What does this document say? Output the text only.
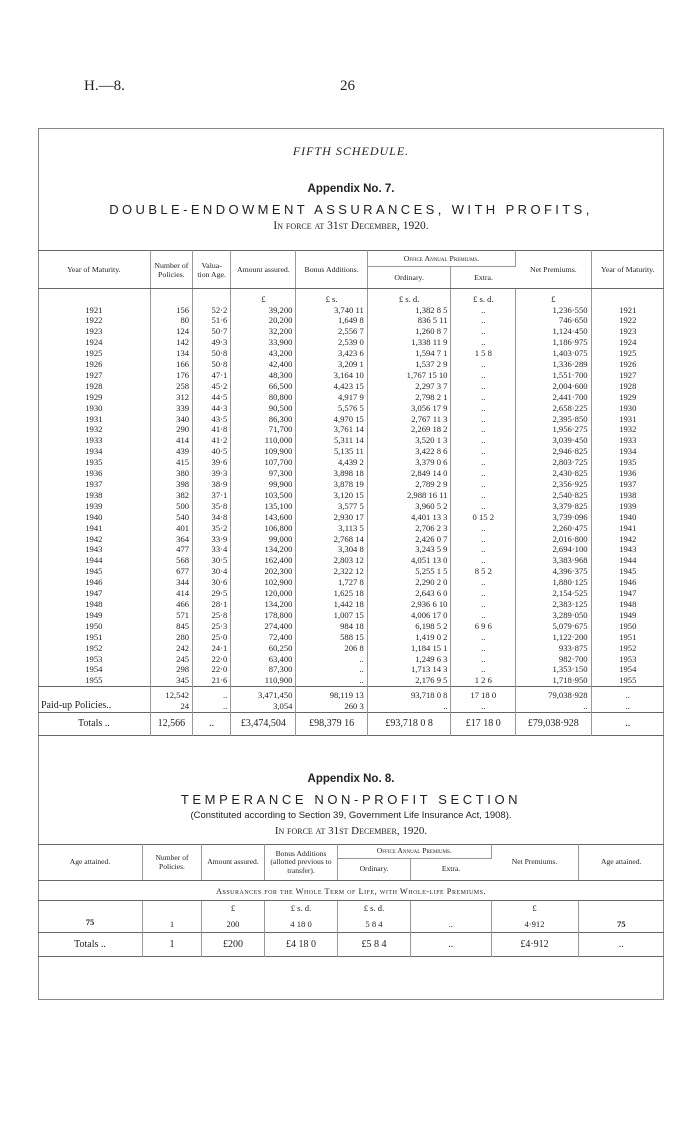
H.—8.	26
FIFTH SCHEDULE.
Appendix No. 7.
DOUBLE-ENDOWMENT ASSURANCES, WITH PROFITS,
In force at 31st December, 1920.
Year of Maturity.	Number of Policies.	Valua-tion Age.	Amount assured.	Bonus Additions.	Office Annual Premiums.		Net Premiums.	Year of Maturity.
					Ordinary.	Extra.		
			£	£ s.	£ s. d.	£ s. d.	£	
1921	156	52·2	39,200	3,740 11	1,382 8 5	..	1,236·550	1921
1922	80	51·6	20,200	1,649 8	836 5 11	..	746·650	1922
1923	124	50·7	32,200	2,556 7	1,260 8 7	..	1,124·450	1923
1924	142	49·3	33,900	2,539 0	1,338 11 9	..	1,186·975	1924
1925	134	50·8	43,200	3,423 6	1,594 7 1	1 5 8	1,403·075	1925
1926	166	50·8	42,400	3,209 1	1,537 2 9	..	1,336·289	1926
1927	176	47·1	48,300	3,164 10	1,767 15 10	..	1,551·700	1927
1928	258	45·2	66,500	4,423 15	2,297 3 7	..	2,004·600	1928
1929	312	44·5	80,800	4,917 9	2,798 2 1	..	2,441·700	1929
1930	339	44·3	90,500	5,576 5	3,056 17 9	..	2,658·225	1930
1931	340	43·5	86,300	4,970 15	2,767 11 3	..	2,395·850	1931
1932	290	41·8	71,700	3,761 14	2,269 18 2	..	1,956·275	1932
1933	414	41·2	110,000	5,311 14	3,520 1 3	..	3,039·450	1933
1934	439	40·5	109,900	5,135 11	3,422 8 6	..	2,946·825	1934
1935	415	39·6	107,700	4,439 2	3,379 0 6	..	2,803·725	1935
1936	380	39·3	97,300	3,898 18	2,849 14 0	..	2,430·825	1936
1937	398	38·9	99,900	3,878 19	2,789 2 9	..	2,356·925	1937
1938	382	37·1	103,500	3,120 15	2,988 16 11	..	2,540·825	1938
1939	500	35·8	135,100	3,577 5	3,960 5 2	..	3,379·825	1939
1940	540	34·8	143,600	2,930 17	4,401 13 3	0 15 2	3,739·096	1940
1941	401	35·2	106,800	3,113 5	2,706 2 3	..	2,260·475	1941
1942	364	33·9	99,000	2,768 14	2,426 0 7	..	2,016·800	1942
1943	477	33·4	134,200	3,304 8	3,243 5 9	..	2,694·100	1943
1944	568	30·5	162,400	2,803 12	4,051 13 0	..	3,383·968	1944
1945	677	30·4	202,300	2,322 12	5,255 1 5	8 5 2	4,396·375	1945
1946	344	30·6	102,900	1,727 8	2,290 2 0	..	1,880·125	1946
1947	414	29·5	120,000	1,625 18	2,643 6 0	..	2,154·525	1947
1948	466	28·1	134,200	1,442 18	2,936 6 10	..	2,383·125	1948
1949	571	25·8	178,800	1,007 15	4,006 17 0	..	3,289·050	1949
1950	845	25·3	274,400	984 18	6,198 5 2	6 9 6	5,079·675	1950
1951	280	25·0	72,400	588 15	1,419 0 2	..	1,122·200	1951
1952	242	24·1	60,250	206 8	1,184 15 1	..	933·875	1952
1953	245	22·0	63,400	..	1,249 6 3	..	982·700	1953
1954	298	22·0	87,300	..	1,713 14 3	..	1,353·150	1954
1955	345	21·6	110,900	..	2,176 9 5	1 2 6	1,718·950	1955
	12,542	..	3,471,450	98,119 13	93,718 0 8	17 18 0	79,038·928	..
Paid-up Policies..	24	..	3,054	260 3	..	..	..	..
Totals ..	12,566	..	£3,474,504	£98,379 16	£93,718 0 8	£17 18 0	£79,038·928	..
Appendix No. 8.
TEMPERANCE NON-PROFIT SECTION
(Constituted according to Section 39, Government Life Insurance Act, 1908).
In force at 31st December, 1920.
Age attained.	Number of Policies.	Amount assured.	Bonus Additions (allotted previous to transfer).	Office Annual Premiums.		Net Premiums.	Age attained.
				Ordinary.	Extra.		
Assurances for the Whole Term of Life, with Whole-life Premiums.							
		£	£ s. d.	£ s. d.		£	
75	1	200	4 18 0	5 8 4	..	4·912	75
Totals ..	1	£200	£4 18 0	£5 8 4	..	£4·912	..
